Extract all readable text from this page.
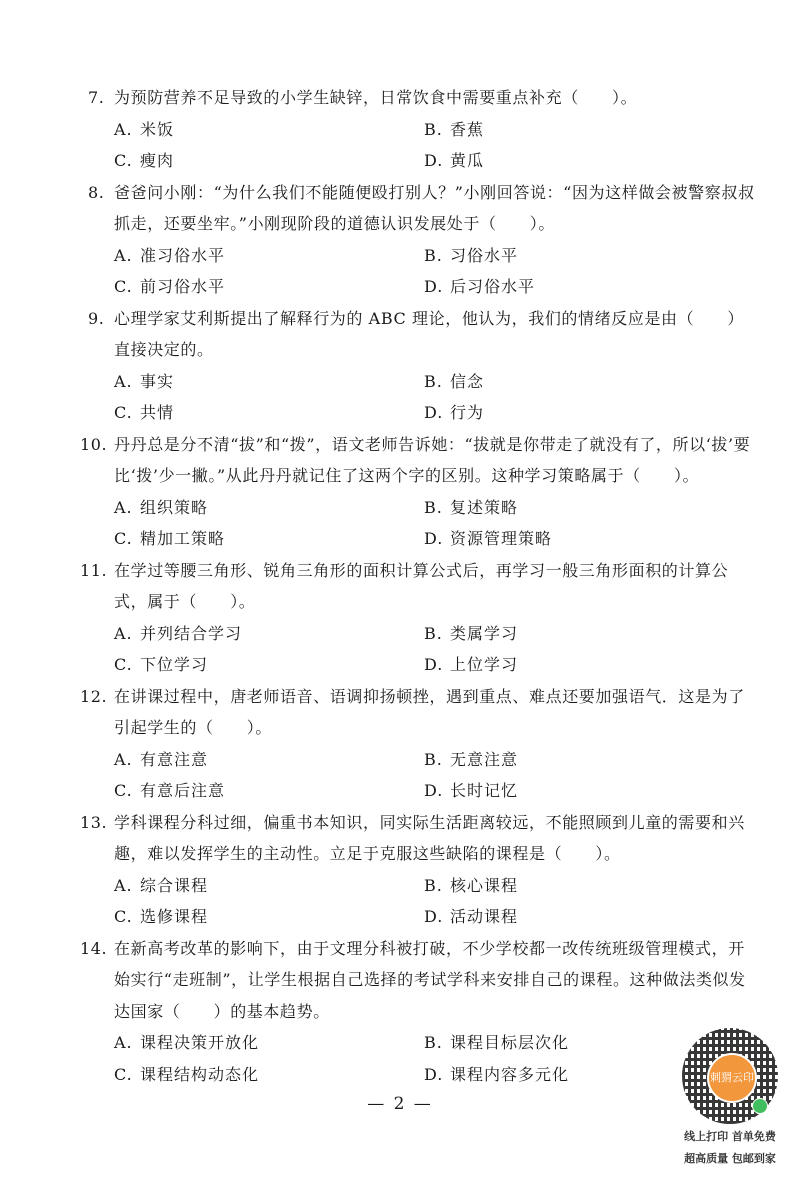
7. 为预防营养不足导致的小学生缺锌，日常饮食中需要重点补充（　　）。
A. 米饭	B. 香蕉
C. 瘦肉	D. 黄瓜
8. 爸爸问小刚：“为什么我们不能随便殴打别人？”小刚回答说：“因为这样做会被警察叔叔抓走，还要坐牢。”小刚现阶段的道德认识发展处于（　　）。
A. 准习俗水平	B. 习俗水平
C. 前习俗水平	D. 后习俗水平
9. 心理学家艾利斯提出了解释行为的 ABC 理论，他认为，我们的情绪反应是由（　　）直接决定的。
A. 事实	B. 信念
C. 共情	D. 行为
10. 丹丹总是分不清“拔”和“拨”，语文老师告诉她：“拔就是你带走了就没有了，所以‘拔’要比‘拨’少一撇。”从此丹丹就记住了这两个字的区别。这种学习策略属于（　　）。
A. 组织策略	B. 复述策略
C. 精加工策略	D. 资源管理策略
11. 在学过等腰三角形、锐角三角形的面积计算公式后，再学习一般三角形面积的计算公式，属于（　　）。
A. 并列结合学习	B. 类属学习
C. 下位学习	D. 上位学习
12. 在讲课过程中，唐老师语音、语调抑扬顿挫，遇到重点、难点还要加强语气．这是为了引起学生的（　　）。
A. 有意注意	B. 无意注意
C. 有意后注意	D. 长时记忆
13. 学科课程分科过细，偏重书本知识，同实际生活距离较远，不能照顾到儿童的需要和兴趣，难以发挥学生的主动性。立足于克服这些缺陷的课程是（　　）。
A. 综合课程	B. 核心课程
C. 选修课程	D. 活动课程
14. 在新高考改革的影响下，由于文理分科被打破，不少学校都一改传统班级管理模式，开始实行“走班制”，让学生根据自己选择的考试学科来安排自己的课程。这种做法类似发达国家（　　）的基本趋势。
A. 课程决策开放化	B. 课程目标层次化
C. 课程结构动态化	D. 课程内容多元化
— 2 —
刺猬云印
线上打印 首单免费
超高质量 包邮到家
